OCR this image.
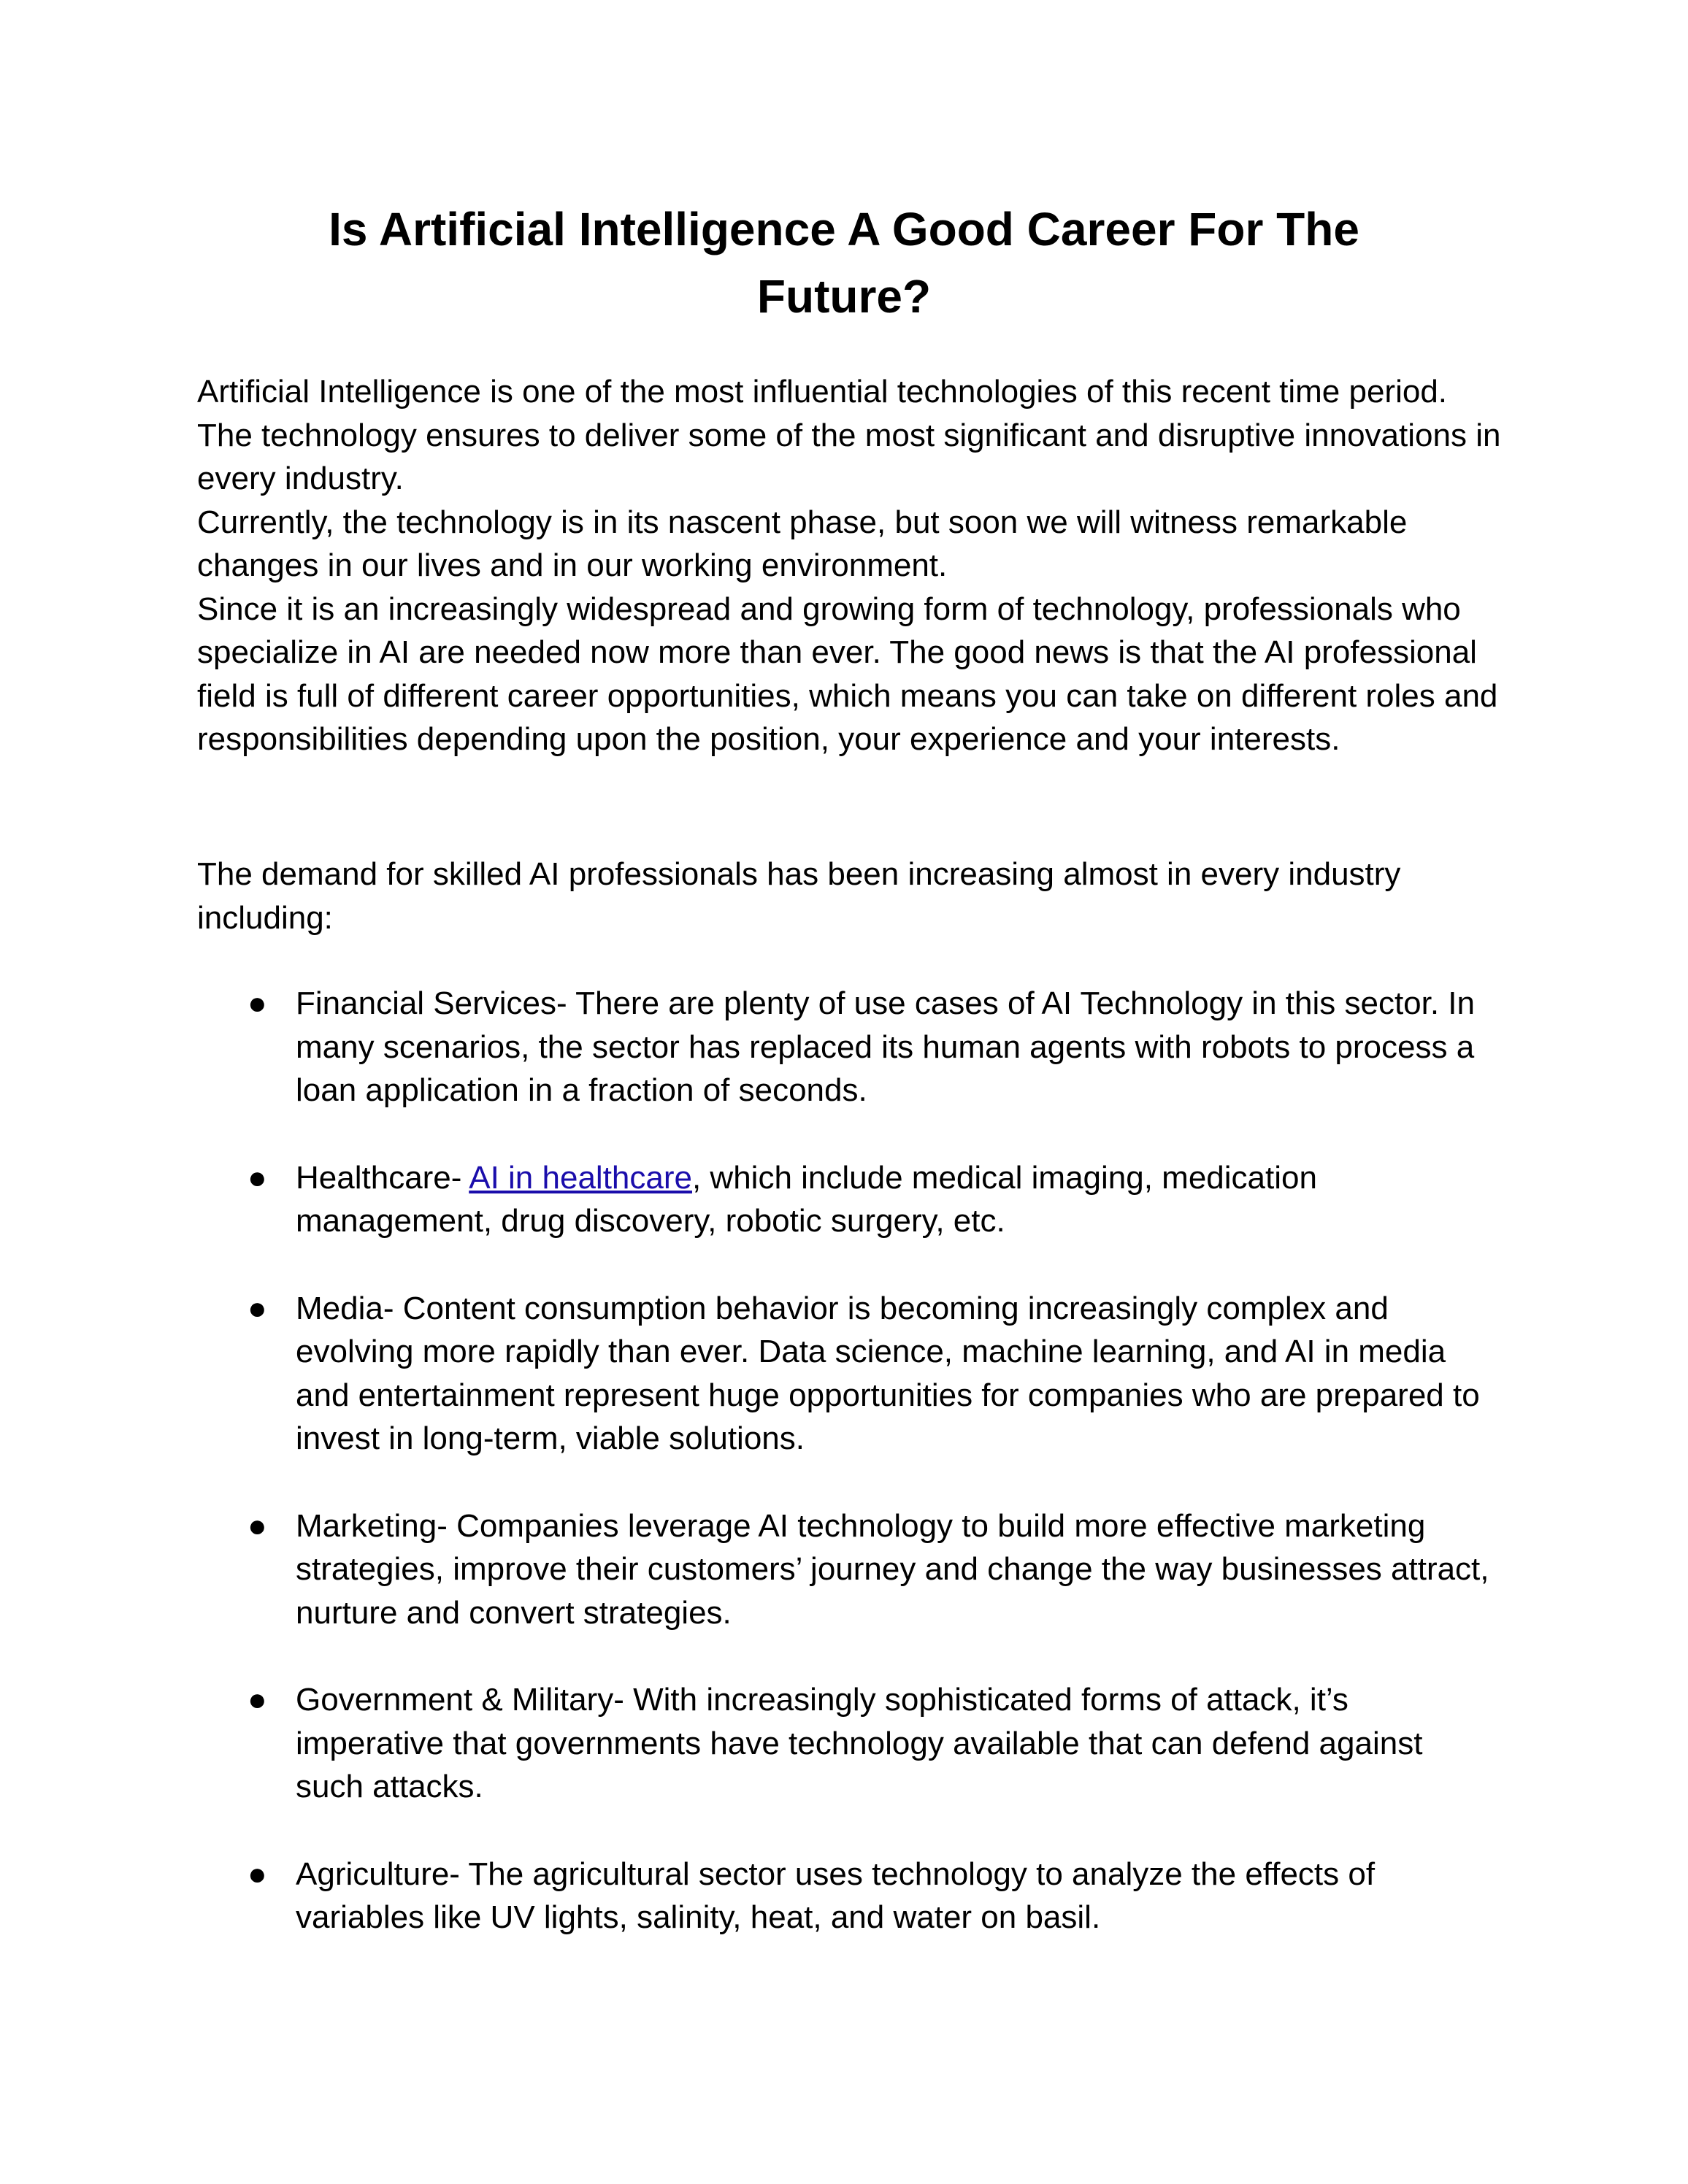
Is Artificial Intelligence A Good Career For The
Future?
Artificial Intelligence is one of the most influential technologies of this recent time period. The technology ensures to deliver some of the most significant and disruptive innovations in every industry.
Currently, the technology is in its nascent phase, but soon we will witness remarkable changes in our lives and in our working environment.
Since it is an increasingly widespread and growing form of technology, professionals who specialize in AI are needed now more than ever. The good news is that the AI professional field is full of different career opportunities, which means you can take on different roles and responsibilities depending upon the position, your experience and your interests.
The demand for skilled AI professionals has been increasing almost in every industry including:
● Financial Services- There are plenty of use cases of AI Technology in this sector. In many scenarios, the sector has replaced its human agents with robots to process a loan application in a fraction of seconds.
● Healthcare- AI in healthcare, which include medical imaging, medication management, drug discovery, robotic surgery, etc.
● Media- Content consumption behavior is becoming increasingly complex and evolving more rapidly than ever. Data science, machine learning, and AI in media and entertainment represent huge opportunities for companies who are prepared to invest in long-term, viable solutions.
● Marketing- Companies leverage AI technology to build more effective marketing strategies, improve their customers’ journey and change the way businesses attract, nurture and convert strategies.
● Government & Military- With increasingly sophisticated forms of attack, it’s imperative that governments have technology available that can defend against such attacks.
● Agriculture- The agricultural sector uses technology to analyze the effects of variables like UV lights, salinity, heat, and water on basil.
